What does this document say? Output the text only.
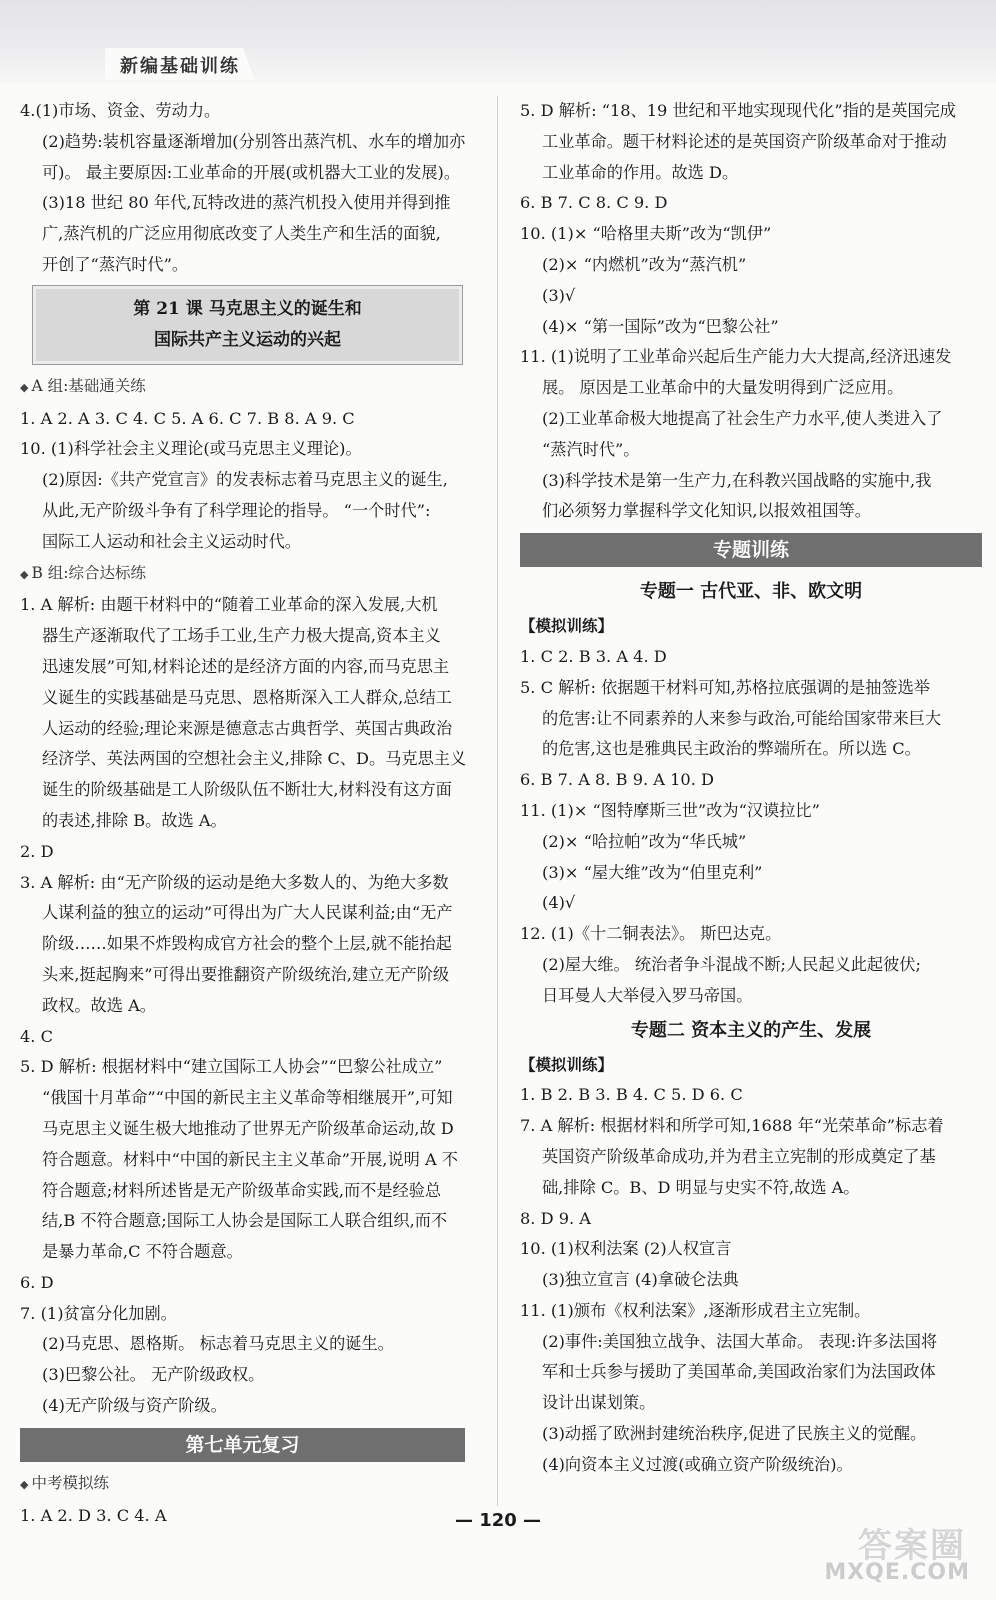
新编基础训练
4.(1)市场、资金、劳动力。
(2)趋势:装机容量逐渐增加(分别答出蒸汽机、水车的增加亦
可)。 最主要原因:工业革命的开展(或机器大工业的发展)。
(3)18 世纪 80 年代,瓦特改进的蒸汽机投入使用并得到推
广,蒸汽机的广泛应用彻底改变了人类生产和生活的面貌,
开创了“蒸汽时代”。
第 21 课 马克思主义的诞生和
国际共产主义运动的兴起
◆ A 组:基础通关练
1. A 2. A 3. C 4. C 5. A 6. C 7. B 8. A 9. C
10. (1)科学社会主义理论(或马克思主义理论)。
(2)原因:《共产党宣言》的发表标志着马克思主义的诞生,
从此,无产阶级斗争有了科学理论的指导。 “一个时代”:
国际工人运动和社会主义运动时代。
◆ B 组:综合达标练
1. A 解析: 由题干材料中的“随着工业革命的深入发展,大机
器生产逐渐取代了工场手工业,生产力极大提高,资本主义
迅速发展”可知,材料论述的是经济方面的内容,而马克思主
义诞生的实践基础是马克思、恩格斯深入工人群众,总结工
人运动的经验;理论来源是德意志古典哲学、英国古典政治
经济学、英法两国的空想社会主义,排除 C、D。马克思主义
诞生的阶级基础是工人阶级队伍不断壮大,材料没有这方面
的表述,排除 B。故选 A。
2. D
3. A 解析: 由“无产阶级的运动是绝大多数人的、为绝大多数
人谋利益的独立的运动”可得出为广大人民谋利益;由“无产
阶级……如果不炸毁构成官方社会的整个上层,就不能抬起
头来,挺起胸来”可得出要推翻资产阶级统治,建立无产阶级
政权。故选 A。
4. C
5. D 解析: 根据材料中“建立国际工人协会”“巴黎公社成立”
“俄国十月革命”“中国的新民主主义革命等相继展开”,可知
马克思主义诞生极大地推动了世界无产阶级革命运动,故 D
符合题意。材料中“中国的新民主主义革命”开展,说明 A 不
符合题意;材料所述皆是无产阶级革命实践,而不是经验总
结,B 不符合题意;国际工人协会是国际工人联合组织,而不
是暴力革命,C 不符合题意。
6. D
7. (1)贫富分化加剧。
(2)马克思、恩格斯。 标志着马克思主义的诞生。
(3)巴黎公社。 无产阶级政权。
(4)无产阶级与资产阶级。
第七单元复习
◆ 中考模拟练
1. A 2. D 3. C 4. A
5. D 解析: “18、19 世纪和平地实现现代化”指的是英国完成
工业革命。题干材料论述的是英国资产阶级革命对于推动
工业革命的作用。故选 D。
6. B 7. C 8. C 9. D
10. (1)× “哈格里夫斯”改为“凯伊”
(2)× “内燃机”改为“蒸汽机”
(3)√
(4)× “第一国际”改为“巴黎公社”
11. (1)说明了工业革命兴起后生产能力大大提高,经济迅速发
展。 原因是工业革命中的大量发明得到广泛应用。
(2)工业革命极大地提高了社会生产力水平,使人类进入了
“蒸汽时代”。
(3)科学技术是第一生产力,在科教兴国战略的实施中,我
们必须努力掌握科学文化知识,以报效祖国等。
专题训练
专题一 古代亚、非、欧文明
【模拟训练】
1. C 2. B 3. A 4. D
5. C 解析: 依据题干材料可知,苏格拉底强调的是抽签选举
的危害:让不同素养的人来参与政治,可能给国家带来巨大
的危害,这也是雅典民主政治的弊端所在。所以选 C。
6. B 7. A 8. B 9. A 10. D
11. (1)× “图特摩斯三世”改为“汉谟拉比”
(2)× “哈拉帕”改为“华氏城”
(3)× “屋大维”改为“伯里克利”
(4)√
12. (1)《十二铜表法》。 斯巴达克。
(2)屋大维。 统治者争斗混战不断;人民起义此起彼伏;
日耳曼人大举侵入罗马帝国。
专题二 资本主义的产生、发展
【模拟训练】
1. B 2. B 3. B 4. C 5. D 6. C
7. A 解析: 根据材料和所学可知,1688 年“光荣革命”标志着
英国资产阶级革命成功,并为君主立宪制的形成奠定了基
础,排除 C。B、D 明显与史实不符,故选 A。
8. D 9. A
10. (1)权利法案 (2)人权宣言
(3)独立宣言 (4)拿破仑法典
11. (1)颁布《权利法案》,逐渐形成君主立宪制。
(2)事件:美国独立战争、法国大革命。 表现:许多法国将
军和士兵参与援助了美国革命,美国政治家们为法国政体
设计出谋划策。
(3)动摇了欧洲封建统治秩序,促进了民族主义的觉醒。
(4)向资本主义过渡(或确立资产阶级统治)。
— 120 —
答案圈
MXQE.COM
